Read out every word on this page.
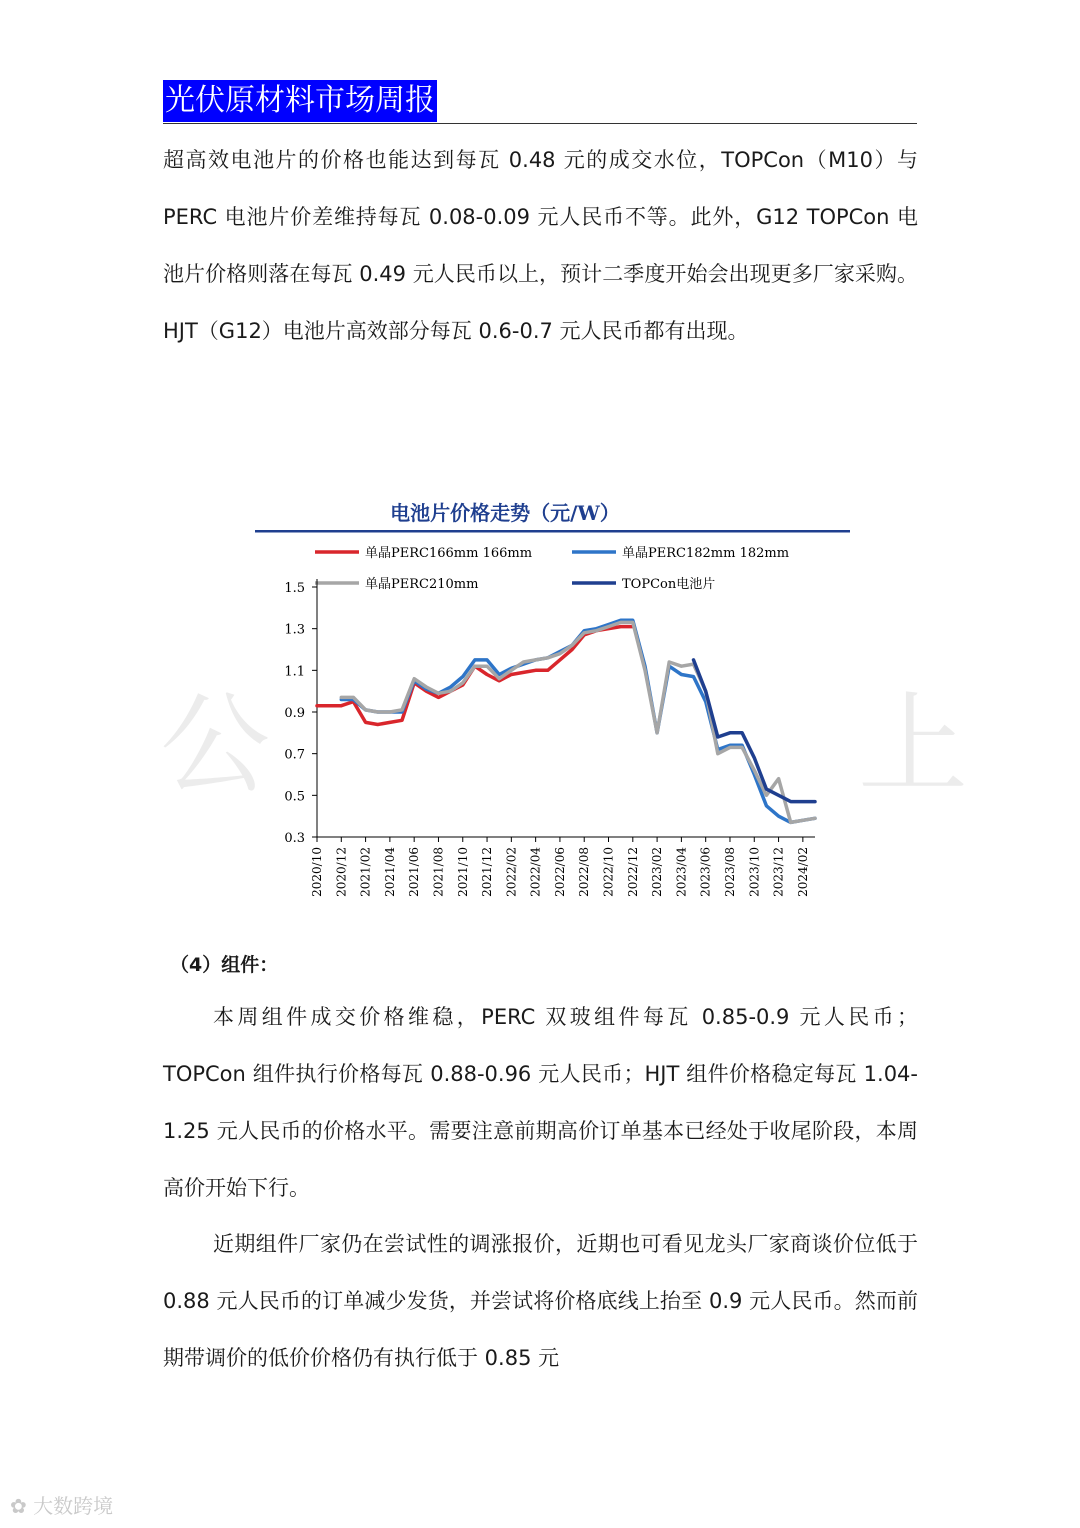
光伏原材料市场周报

超高效电池片的价格也能达到每瓦 0.48 元的成交水位，TOPCon（M10）与 PERC 电池片价差维持每瓦 0.08-0.09 元人民币不等。此外，G12 TOPCon 电池片价格则落在每瓦 0.49 元人民币以上，预计二季度开始会出现更多厂家采购。HJT（G12）电池片高效部分每瓦 0.6-0.7 元人民币都有出现。

公	上
电池片价格走势（元/W）
单晶PERC166mm 166mm	单晶PERC182mm 182mm
单晶PERC210mm	TOPCon电池片
1.5
1.3
1.1
0.9
0.7
0.5
0.3
2020/10 2020/12 2021/02 2021/04 2021/06 2021/08 2021/10 2021/12 2022/02 2022/04 2022/06 2022/08 2022/10 2022/12 2023/02 2023/04 2023/06 2023/08 2023/10 2023/12 2024/02
（4）组件：

本周组件成交价格维稳，PERC 双玻组件每瓦 0.85-0.9 元人民币；TOPCon 组件执行价格每瓦 0.88-0.96 元人民币；HJT 组件价格稳定每瓦 1.04-1.25 元人民币的价格水平。需要注意前期高价订单基本已经处于收尾阶段，本周高价开始下行。

近期组件厂家仍在尝试性的调涨报价，近期也可看见龙头厂家商谈价位低于 0.88 元人民币的订单减少发货，并尝试将价格底线上抬至 0.9 元人民币。然而前期带调价的低价价格仍有执行低于 0.85 元

✿ 大数跨境
